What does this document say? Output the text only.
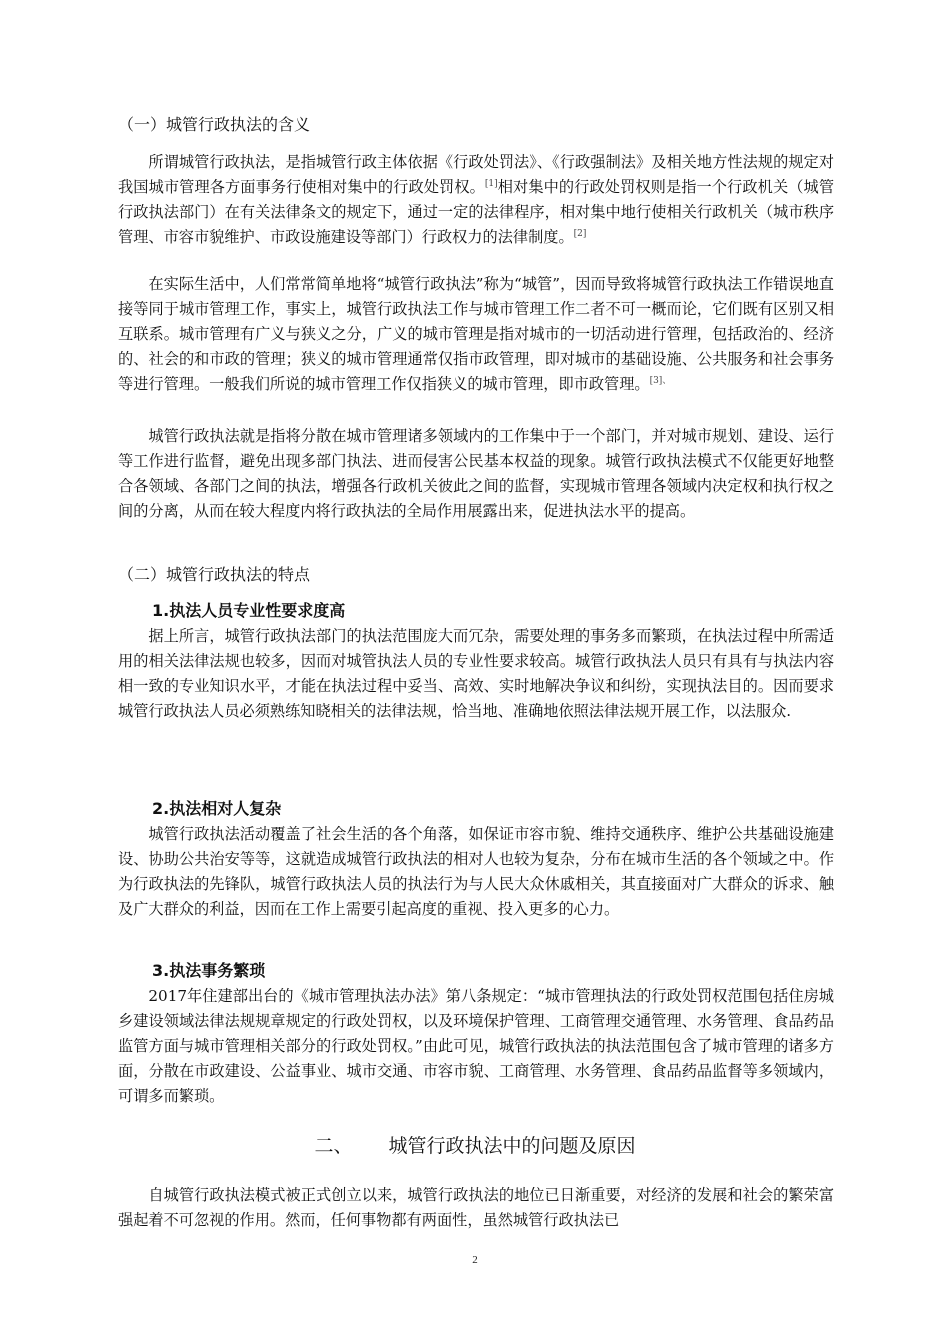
（一）城管行政执法的含义

所谓城管行政执法，是指城管行政主体依据《行政处罚法》、《行政强制法》及相关地方性法规的规定对我国城市管理各方面事务行使相对集中的行政处罚权。[1]相对集中的行政处罚权则是指一个行政机关（城管行政执法部门）在有关法律条文的规定下，通过一定的法律程序，相对集中地行使相关行政机关（城市秩序管理、市容市貌维护、市政设施建设等部门）行政权力的法律制度。[2]

在实际生活中，人们常常简单地将“城管行政执法”称为“城管”，因而导致将城管行政执法工作错误地直接等同于城市管理工作，事实上，城管行政执法工作与城市管理工作二者不可一概而论，它们既有区别又相互联系。城市管理有广义与狭义之分，广义的城市管理是指对城市的一切活动进行管理，包括政治的、经济的、社会的和市政的管理；狭义的城市管理通常仅指市政管理，即对城市的基础设施、公共服务和社会事务等进行管理。一般我们所说的城市管理工作仅指狭义的城市管理，即市政管理。$^{[3]、}$

城管行政执法就是指将分散在城市管理诸多领域内的工作集中于一个部门，并对城市规划、建设、运行等工作进行监督，避免出现多部门执法、进而侵害公民基本权益的现象。城管行政执法模式不仅能更好地整合各领域、各部门之间的执法，增强各行政机关彼此之间的监督，实现城市管理各领域内决定权和执行权之间的分离，从而在较大程度内将行政执法的全局作用展露出来，促进执法水平的提高。

（二）城管行政执法的特点
1.执法人员专业性要求度高

据上所言，城管行政执法部门的执法范围庞大而冗杂，需要处理的事务多而繁琐，在执法过程中所需适用的相关法律法规也较多，因而对城管执法人员的专业性要求较高。城管行政执法人员只有具有与执法内容相一致的专业知识水平，才能在执法过程中妥当、高效、实时地解决争议和纠纷，实现执法目的。因而要求城管行政执法人员必须熟练知晓相关的法律法规，恰当地、准确地依照法律法规开展工作，以法服众.

2.执法相对人复杂

城管行政执法活动覆盖了社会生活的各个角落，如保证市容市貌、维持交通秩序、维护公共基础设施建设、协助公共治安等等，这就造成城管行政执法的相对人也较为复杂，分布在城市生活的各个领域之中。作为行政执法的先锋队，城管行政执法人员的执法行为与人民大众休戚相关，其直接面对广大群众的诉求、触及广大群众的利益，因而在工作上需要引起高度的重视、投入更多的心力。

3.执法事务繁琐

2017年住建部出台的《城市管理执法办法》第八条规定：“城市管理执法的行政处罚权范围包括住房城乡建设领域法律法规规章规定的行政处罚权，以及环境保护管理、工商管理交通管理、水务管理、食品药品监管方面与城市管理相关部分的行政处罚权。”由此可见，城管行政执法的执法范围包含了城市管理的诸多方面，分散在市政建设、公益事业、城市交通、市容市貌、工商管理、水务管理、食品药品监督等多领域内，可谓多而繁琐。

二、 城管行政执法中的问题及原因

自城管行政执法模式被正式创立以来，城管行政执法的地位已日渐重要，对经济的发展和社会的繁荣富强起着不可忽视的作用。然而，任何事物都有两面性，虽然城管行政执法已

2
